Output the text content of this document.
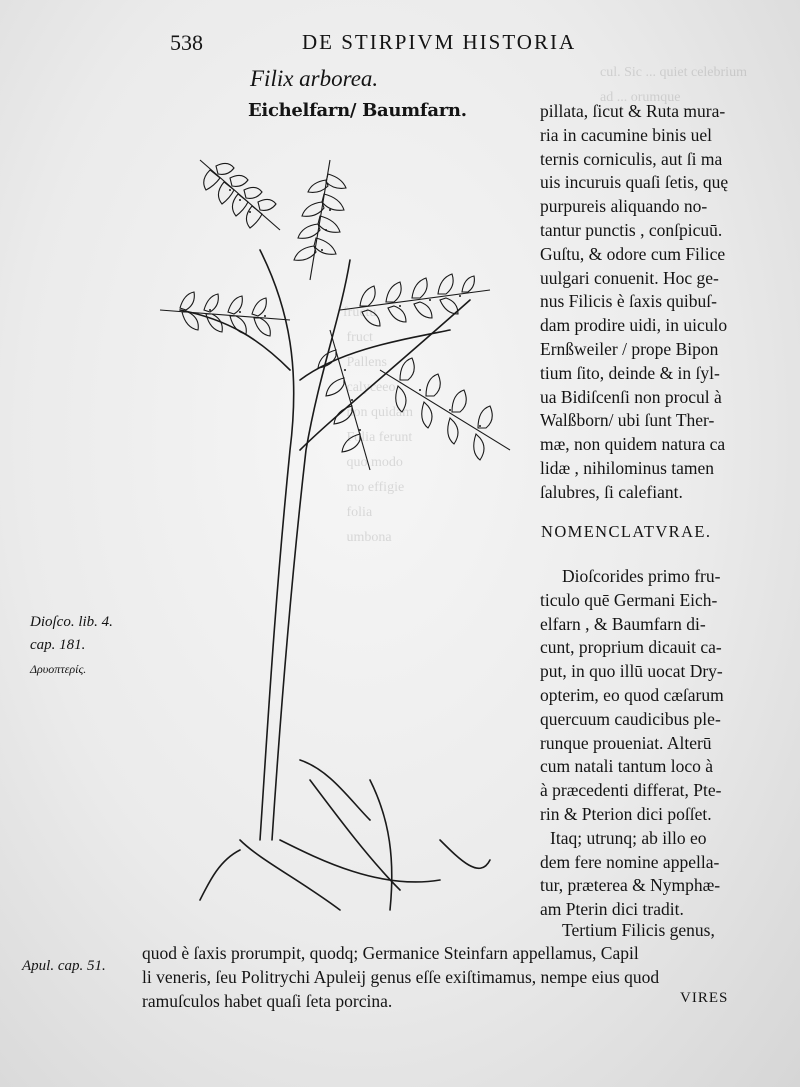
cul. Sic ... quiet celebrium
ad ... orumque
fructu
fruct
Pallens
calyceeo
non quidam
Folia ferunt
quo modo
mo effigie
folia
umbona
538	DE STIRPIVM HISTORIA
Filix arborea.
Eichelfarn/ Baumfarn.	pillata, ſicut & Ruta mura-

ria in cacumine binis uel

ternis corniculis, aut ſi ma

uis incuruis quaſi ſetis, quę

purpureis aliquando no-

tantur punctis , conſpicuū.

Guſtu, & odore cum Filice

uulgari conuenit. Hoc ge-

nus Filicis è ſaxis quibuſ-

dam prodire uidi, in uiculo

Ernßweiler / prope Bipon

tium ſito, deinde & in ſyl-

ua Bidiſcenſi non procul à

Walßborn/ ubi ſunt Ther-

mæ, non quidem natura ca

lidæ , nihilominus tamen

ſalubres, ſi calefiant.

NOMENCLATVRAE.

Dioſcorides primo fru-

ticulo quē Germani Eich-

elfarn , & Baumfarn di-

cunt, proprium dicauit ca-

put, in quo illū uocat Dry-

opterim, eo quod cæſarum

quercuum caudicibus ple-

runque proueniat. Alterū

cum natali tantum loco à

à præcedenti differat, Pte-

rin & Pterion dici poſſet.

Itaq; utrunq; ab illo eo

dem fere nomine appella-

tur, præterea & Nymphæ-

am Pterin dici tradit.

Tertium Filicis genus,
quod è ſaxis prorumpit, quodq; Germanice Steinfarn appellamus, Capil
li veneris, ſeu Politrychi Apuleij genus eſſe exiſtimamus, nempe eius quod
ramuſculos habet quaſi ſeta porcina.	VIRES
Dioſco. lib. 4.
cap. 181.
Δρυοπτερίς.
Apul. cap. 51.
